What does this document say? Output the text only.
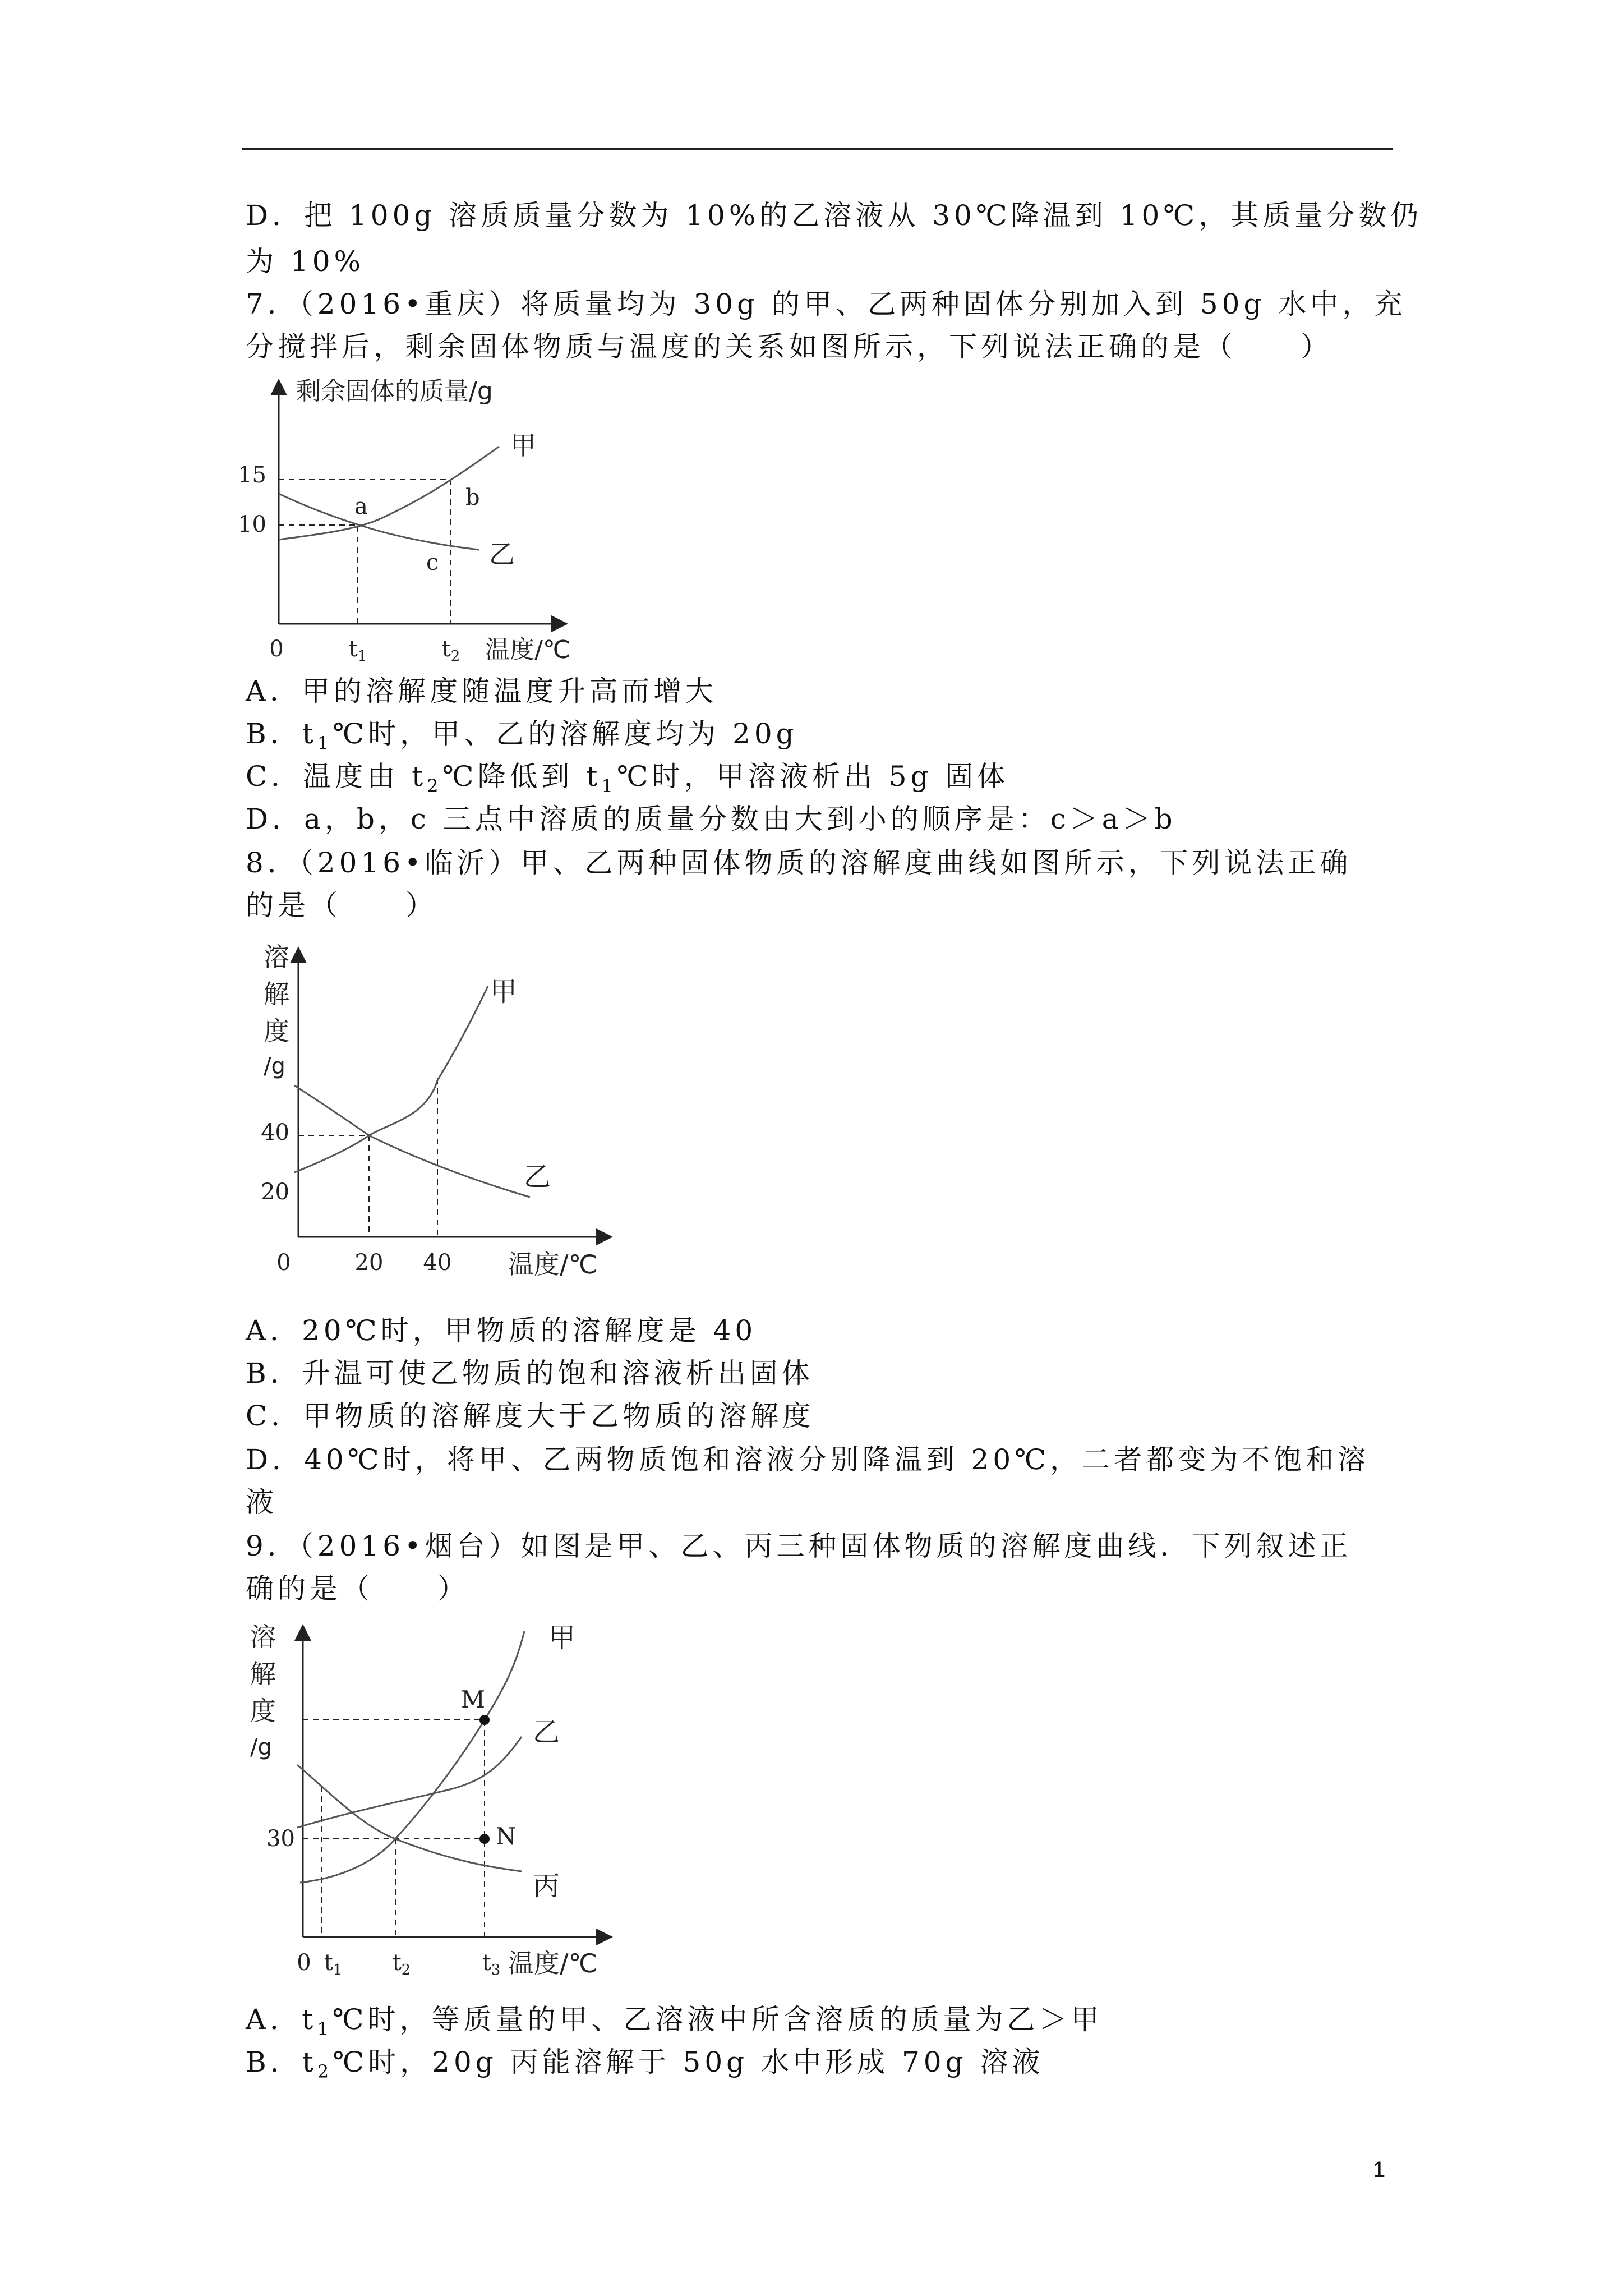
D．把 100g 溶质质量分数为 10%的乙溶液从 30℃降温到 10℃，其质量分数仍
为 10%
7．（2016•重庆）将质量均为 30g 的甲、乙两种固体分别加入到 50g 水中，充
分搅拌后，剩余固体物质与温度的关系如图所示，下列说法正确的是（　　）
剩余固体的质量/g
温度/℃
0
15
10
$t_1$	$t_2$
a	b
c
甲
乙
A．甲的溶解度随温度升高而增大
B．$t_1℃$时，甲、乙的溶解度均为 20g
C．温度由 $t_2℃$降低到 $t_1℃$时，甲溶液析出 5g 固体
D．a，b，c 三点中溶质的质量分数由大到小的顺序是：c＞a＞b
8．（2016•临沂）甲、乙两种固体物质的溶解度曲线如图所示，下列说法正确
的是（　　）
溶
解
度
/g
温度/℃
0
40
20
20 40
甲
乙
A．20℃时，甲物质的溶解度是 40
B．升温可使乙物质的饱和溶液析出固体
C．甲物质的溶解度大于乙物质的溶解度
D．40℃时，将甲、乙两物质饱和溶液分别降温到 20℃，二者都变为不饱和溶
液
9．（2016•烟台）如图是甲、乙、丙三种固体物质的溶解度曲线．下列叙述正
确的是（　　）
溶
解
度
/g
温度/℃
0 $t_1$ $t_2$	$t_3$
30
M
N
甲
乙
丙
A．$t_1℃$时，等质量的甲、乙溶液中所含溶质的质量为乙＞甲
B．$t_2℃$时，20g 丙能溶解于 50g 水中形成 70g 溶液
1
